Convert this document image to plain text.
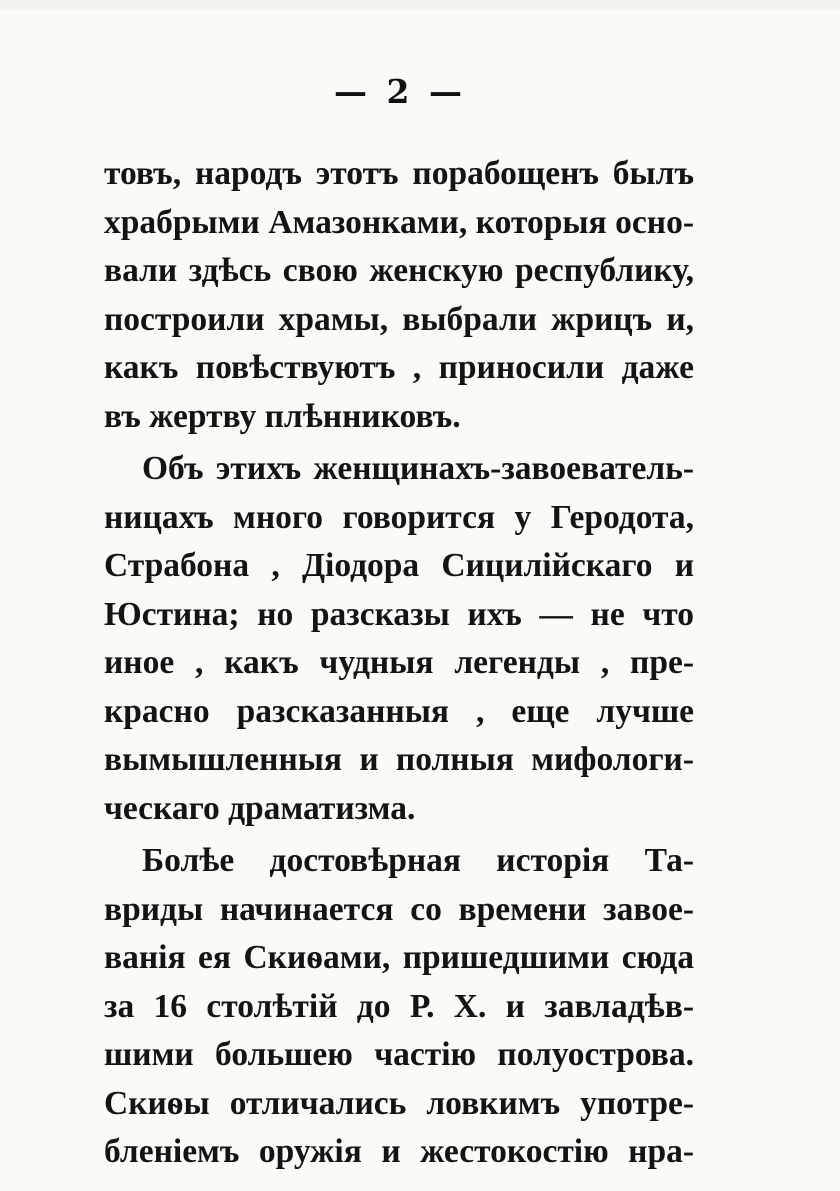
— 2 —

товъ, народъ этотъ порабощенъ былъ
храбрыми Амазонками, которыя осно-
вали здѣсь свою женскую республику,
построили храмы, выбрали жрицъ и,
какъ повѣствуютъ , приносили даже
въ жертву плѣнниковъ.

Объ этихъ женщинахъ-завоеватель-
ницахъ много говорится у Геродота,
Страбона , Діодора Сицилійскаго и
Юстина; но разсказы ихъ — не что
иное , какъ чудныя легенды , пре-
красно разсказанныя , еще лучше
вымышленныя и полныя мифологи-
ческаго драматизма.

Болѣе достовѣрная исторія Та-
вриды начинается со времени завое-
ванія ея Скиѳами, пришедшими сюда
за 16 столѣтій до Р. Х. и завладѣв-
шими большею частію полуострова.
Скиѳы отличались ловкимъ употре-
бленіемъ оружія и жестокостію нра-
